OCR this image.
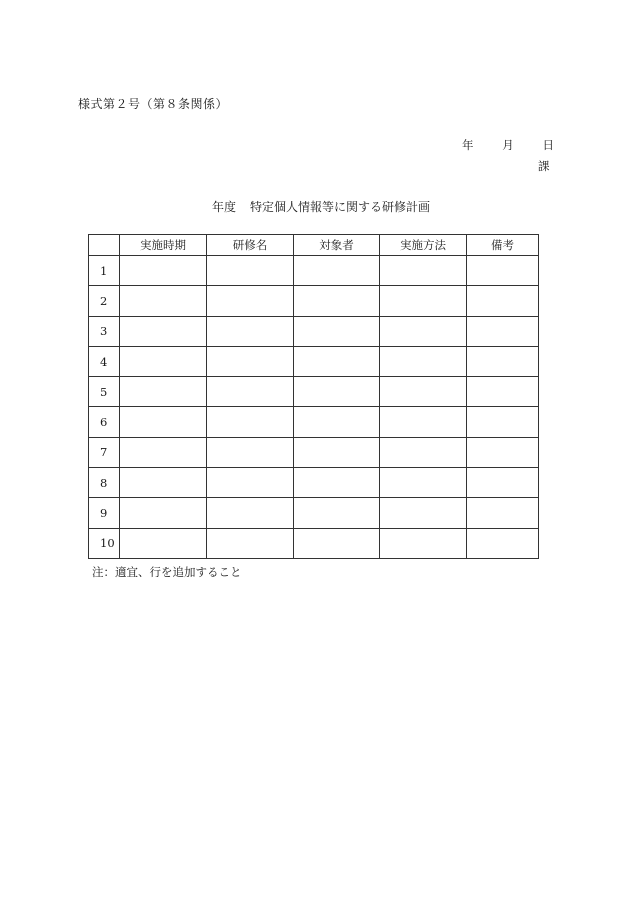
様式第２号（第８条関係）
年	月	日
課
年度 特定個人情報等に関する研修計画
	実施時期	研修名	対象者	実施方法	備考
1					
2					
3					
4					
5					
6					
7					
8					
9					
10					
注：適宜、行を追加すること
